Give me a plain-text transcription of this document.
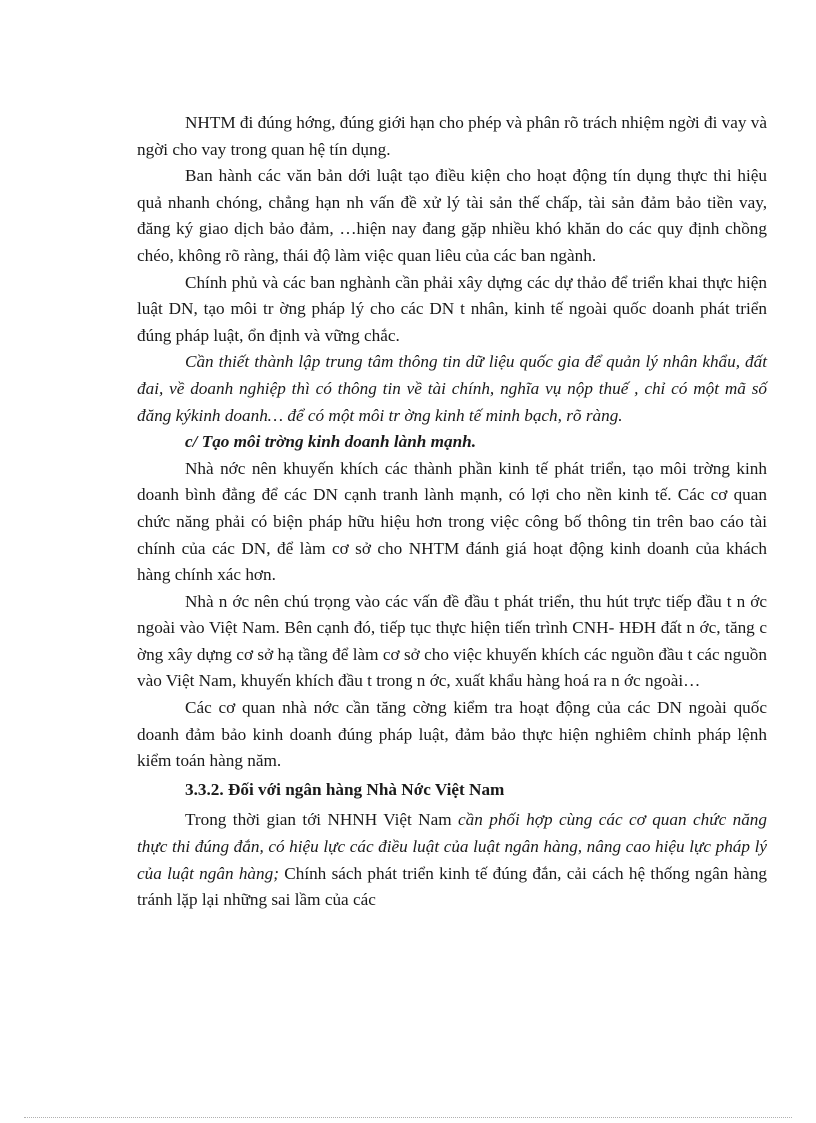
NHTM đi đúng hớng, đúng giới hạn cho phép và phân rõ trách nhiệm ngời đi vay và ngời cho vay trong quan hệ tín dụng.

Ban hành các văn bản dới luật tạo điều kiện cho hoạt động tín dụng thực thi hiệu quả nhanh chóng, chẳng hạn nh vấn đề xử lý tài sản thế chấp, tài sản đảm bảo tiền vay, đăng ký giao dịch bảo đảm, …hiện nay đang gặp nhiều khó khăn do các quy định chồng chéo, không rõ ràng, thái độ làm việc quan liêu của các ban ngành.

Chính phủ và các ban nghành cần phải xây dựng các dự thảo để triển khai thực hiện luật DN, tạo môi tr ờng pháp lý cho các DN t nhân, kinh tế ngoài quốc doanh phát triển đúng pháp luật, ổn định và vững chắc.

Cần thiết thành lập trung tâm thông tin dữ liệu quốc gia để quản lý nhân khẩu, đất đai, về doanh nghiệp thì có thông tin về tài chính, nghĩa vụ nộp thuế , chỉ có một mã số đăng kýkinh doanh… để có một môi tr ờng kinh tế minh bạch, rõ ràng.

c/ Tạo môi trờng kinh doanh lành mạnh.

Nhà nớc nên khuyến khích các thành phần kinh tế phát triển, tạo môi trờng kinh doanh bình đẳng để các DN cạnh tranh lành mạnh, có lợi cho nền kinh tế. Các cơ quan chức năng phải có biện pháp hữu hiệu hơn trong việc công bố thông tin trên bao cáo tài chính của các DN, để làm cơ sở cho NHTM đánh giá hoạt động kinh doanh của khách hàng chính xác hơn.

Nhà n ớc nên chú trọng vào các vấn đề đầu t phát triển, thu hút trực tiếp đầu t n ớc ngoài vào Việt Nam. Bên cạnh đó, tiếp tục thực hiện tiến trình CNH- HĐH đất n ớc, tăng c ờng xây dựng cơ sở hạ tầng để làm cơ sở cho việc khuyến khích các nguồn đầu t các nguồn vào Việt Nam, khuyến khích đầu t trong n ớc, xuất khẩu hàng hoá ra n ớc ngoài…

Các cơ quan nhà nớc cần tăng cờng kiểm tra hoạt động của các DN ngoài quốc doanh đảm bảo kinh doanh đúng pháp luật, đảm bảo thực hiện nghiêm chỉnh pháp lệnh kiểm toán hàng năm.

3.3.2. Đối với ngân hàng Nhà Nớc Việt Nam

Trong thời gian tới NHNH Việt Nam cần phối hợp cùng các cơ quan chức năng thực thi đúng đắn, có hiệu lực các điều luật của luật ngân hàng, nâng cao hiệu lực pháp lý của luật ngân hàng; Chính sách phát triển kinh tế đúng đắn, cải cách hệ thống ngân hàng tránh lặp lại những sai lầm của các
